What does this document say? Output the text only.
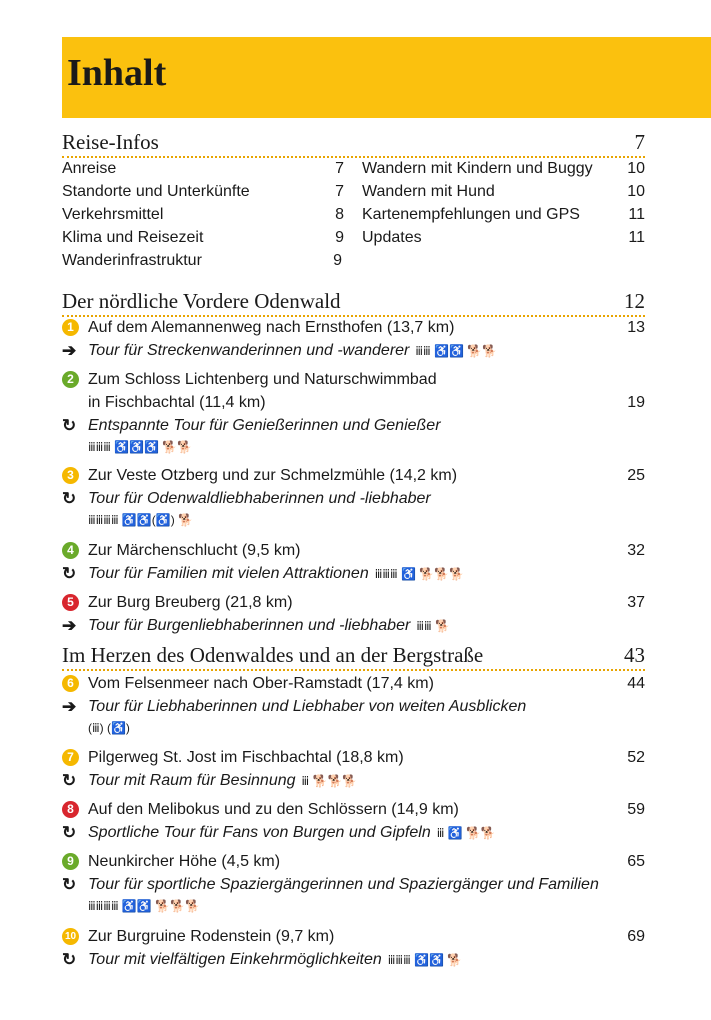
Inhalt
Reise-Infos	7
Anreise	7
Standorte und Unterkünfte	7
Verkehrsmittel	8
Klima und Reisezeit	9
Wanderinfrastruktur	9
Wandern mit Kindern und Buggy 10
Wandern mit Hund	10
Kartenempfehlungen und GPS	11
Updates	11
Der nördliche Vordere Odenwald	12
1 Auf dem Alemannenweg nach Ernsthofen (13,7 km)	13
➔ Tour für Streckenwanderinnen und -wanderer ⅲⅲ ♿♿ 🐕🐕
2 Zum Schloss Lichtenberg und Naturschwimmbad
in Fischbachtal (11,4 km)	19
↻ Entspannte Tour für Genießerinnen und Genießer
ⅲⅲⅲ ♿♿♿ 🐕🐕
3 Zur Veste Otzberg und zur Schmelzmühle (14,2 km)	25
↻ Tour für Odenwaldliebhaberinnen und -liebhaber
ⅲⅲⅲⅲ ♿♿(♿) 🐕
4 Zur Märchenschlucht (9,5 km)	32
↻ Tour für Familien mit vielen Attraktionen ⅲⅲⅲ ♿ 🐕🐕🐕
5 Zur Burg Breuberg (21,8 km)	37
➔ Tour für Burgenliebhaberinnen und -liebhaber ⅲⅲ 🐕
Im Herzen des Odenwaldes und an der Bergstraße	43
6 Vom Felsenmeer nach Ober-Ramstadt (17,4 km)	44
➔ Tour für Liebhaberinnen und Liebhaber von weiten Ausblicken
(ⅲ) (♿)
7 Pilgerweg St. Jost im Fischbachtal (18,8 km)	52
↻ Tour mit Raum für Besinnung ⅲ 🐕🐕🐕
8 Auf den Melibokus und zu den Schlössern (14,9 km)	59
↻ Sportliche Tour für Fans von Burgen und Gipfeln ⅲ ♿ 🐕🐕
9 Neunkircher Höhe (4,5 km)	65
↻ Tour für sportliche Spaziergängerinnen und Spaziergänger und Familien
ⅲⅲⅲⅲ ♿♿ 🐕🐕🐕
10 Zur Burgruine Rodenstein (9,7 km)	69
↻ Tour mit vielfältigen Einkehrmöglichkeiten ⅲⅲⅲ ♿♿ 🐕
